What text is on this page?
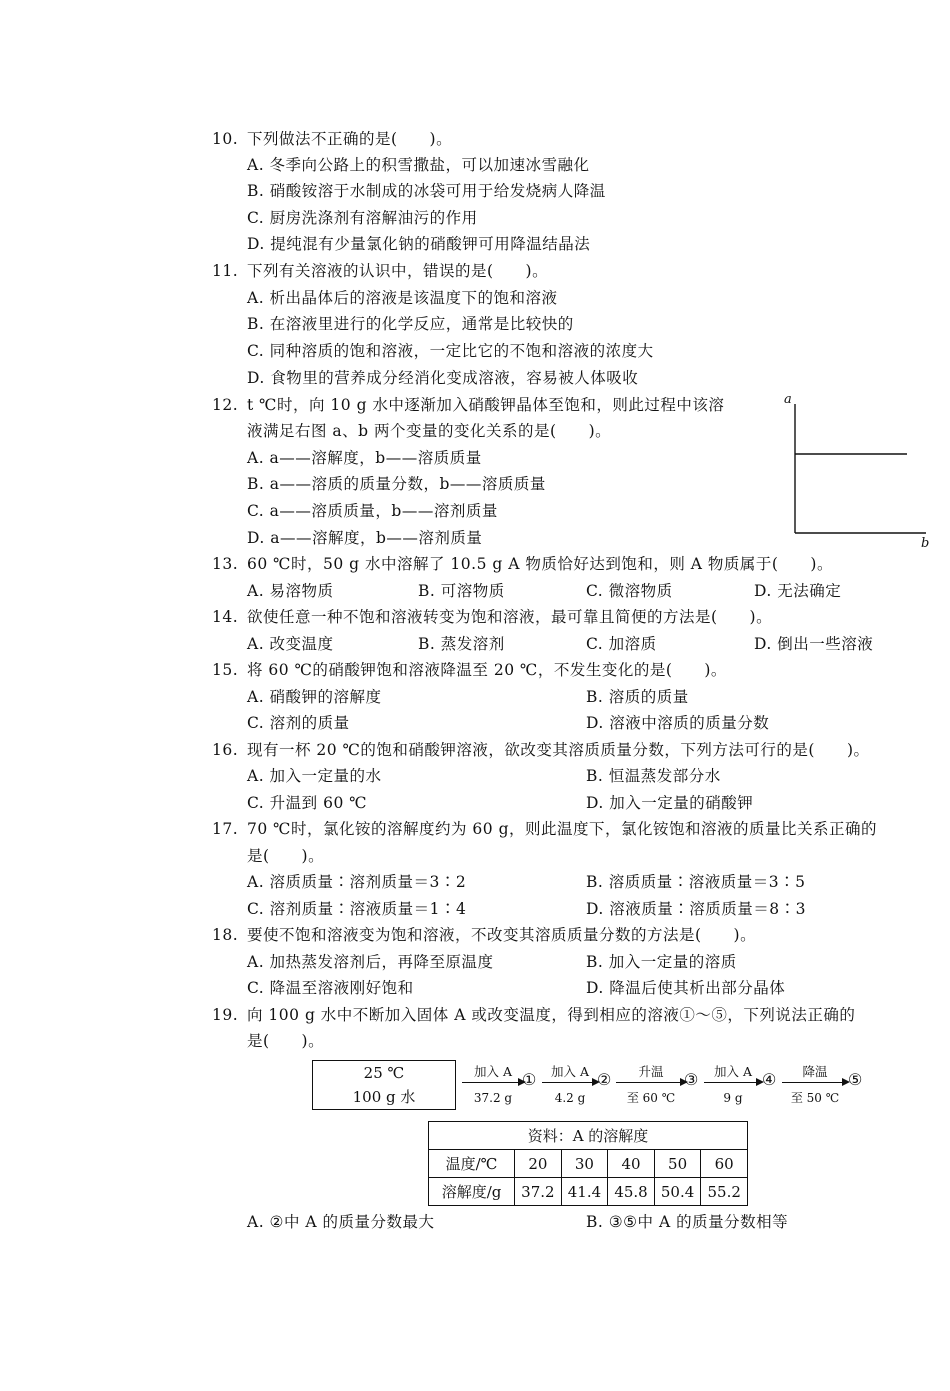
10. 下列做法不正确的是(　　)。
A. 冬季向公路上的积雪撒盐，可以加速冰雪融化
B. 硝酸铵溶于水制成的冰袋可用于给发烧病人降温
C. 厨房洗涤剂有溶解油污的作用
D. 提纯混有少量氯化钠的硝酸钾可用降温结晶法
11. 下列有关溶液的认识中，错误的是(　　)。
A. 析出晶体后的溶液是该温度下的饱和溶液
B. 在溶液里进行的化学反应，通常是比较快的
C. 同种溶质的饱和溶液，一定比它的不饱和溶液的浓度大
D. 食物里的营养成分经消化变成溶液，容易被人体吸收
12. t ℃时，向 10 g 水中逐渐加入硝酸钾晶体至饱和，则此过程中该溶
液满足右图 a、b 两个变量的变化关系的是(　　)。
A. a——溶解度，b——溶质质量
B. a——溶质的质量分数，b——溶质质量
C. a——溶质质量，b——溶剂质量
D. a——溶解度，b——溶剂质量
a
b
13. 60 ℃时，50 g 水中溶解了 10.5 g A 物质恰好达到饱和，则 A 物质属于(　　)。
A. 易溶物质	B. 可溶物质	C. 微溶物质	D. 无法确定
14. 欲使任意一种不饱和溶液转变为饱和溶液，最可靠且简便的方法是(　　)。
A. 改变温度	B. 蒸发溶剂	C. 加溶质	D. 倒出一些溶液
15. 将 60 ℃的硝酸钾饱和溶液降温至 20 ℃，不发生变化的是(　　)。
A. 硝酸钾的溶解度	B. 溶质的质量
C. 溶剂的质量	D. 溶液中溶质的质量分数
16. 现有一杯 20 ℃的饱和硝酸钾溶液，欲改变其溶质质量分数，下列方法可行的是(　　)。
A. 加入一定量的水	B. 恒温蒸发部分水
C. 升温到 60 ℃	D. 加入一定量的硝酸钾
17. 70 ℃时，氯化铵的溶解度约为 60 g，则此温度下，氯化铵饱和溶液的质量比关系正确的
是(　　)。
A. 溶质质量∶溶剂质量＝3∶2	B. 溶质质量∶溶液质量＝3∶5
C. 溶剂质量∶溶液质量＝1∶4	D. 溶液质量∶溶质质量＝8∶3
18. 要使不饱和溶液变为饱和溶液，不改变其溶质质量分数的方法是(　　)。
A. 加热蒸发溶剂后，再降至原温度	B. 加入一定量的溶质
C. 降温至溶液刚好饱和	D. 降温后使其析出部分晶体
19. 向 100 g 水中不断加入固体 A 或改变温度，得到相应的溶液①～⑤，下列说法正确的
是(　　)。
25 ℃
100 g 水
加入 A
37.2 g
①	加入 A
4.2 g
②	升温
至 60 ℃
③	加入 A
9 g
④	降温
至 50 ℃
⑤
资料：A 的溶解度					
温度/℃	20	30	40	50	60
溶解度/g	37.2	41.4	45.8	50.4	55.2
A. ②中 A 的质量分数最大	B. ③⑤中 A 的质量分数相等
